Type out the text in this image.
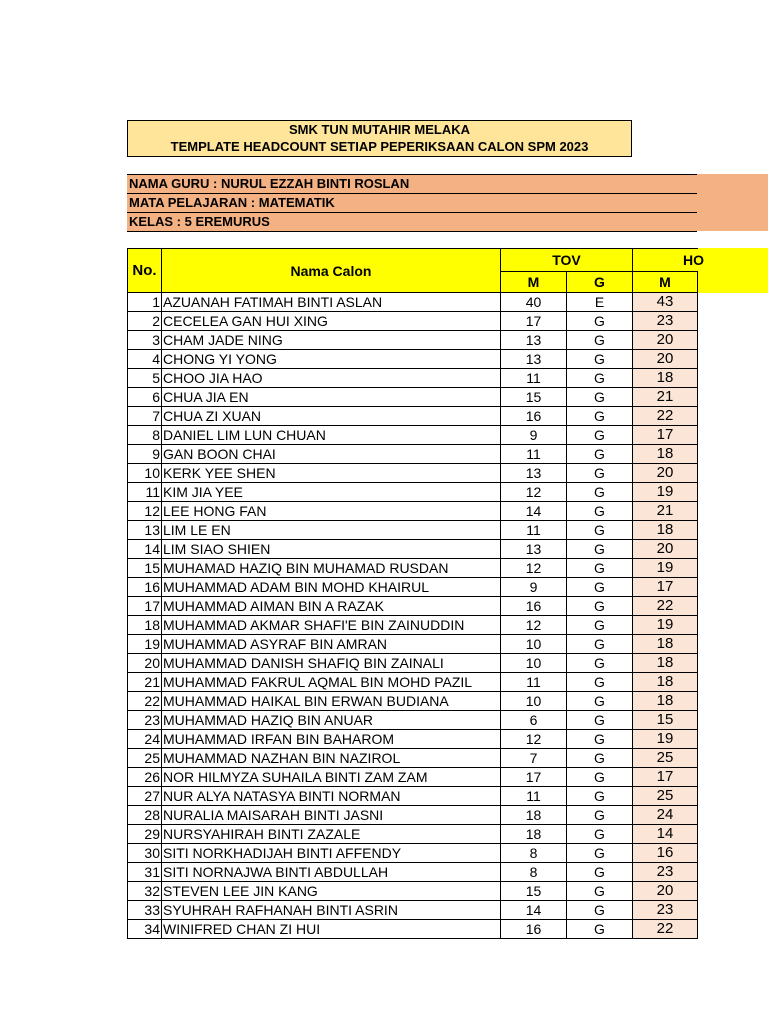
SMK TUN MUTAHIR MELAKA
TEMPLATE HEADCOUNT SETIAP PEPERIKSAAN CALON SPM 2023
NAMA GURU : NURUL EZZAH BINTI ROSLAN
MATA PELAJARAN : MATEMATIK
KELAS : 5 EREMURUS
No.	Nama Calon	TOV		HO
		M	G	M
1	AZUANAH FATIMAH BINTI ASLAN	40	E	43
2	CECELEA GAN HUI XING	17	G	23
3	CHAM JADE NING	13	G	20
4	CHONG YI YONG	13	G	20
5	CHOO JIA HAO	11	G	18
6	CHUA JIA EN	15	G	21
7	CHUA ZI XUAN	16	G	22
8	DANIEL LIM LUN CHUAN	9	G	17
9	GAN BOON CHAI	11	G	18
10	KERK YEE SHEN	13	G	20
11	KIM JIA YEE	12	G	19
12	LEE HONG FAN	14	G	21
13	LIM LE EN	11	G	18
14	LIM SIAO SHIEN	13	G	20
15	MUHAMAD HAZIQ BIN MUHAMAD RUSDAN	12	G	19
16	MUHAMMAD ADAM BIN MOHD KHAIRUL	9	G	17
17	MUHAMMAD AIMAN BIN A RAZAK	16	G	22
18	MUHAMMAD AKMAR SHAFI'E BIN ZAINUDDIN	12	G	19
19	MUHAMMAD ASYRAF BIN AMRAN	10	G	18
20	MUHAMMAD DANISH SHAFIQ BIN ZAINALI	10	G	18
21	MUHAMMAD FAKRUL AQMAL BIN MOHD PAZIL	11	G	18
22	MUHAMMAD HAIKAL BIN ERWAN BUDIANA	10	G	18
23	MUHAMMAD HAZIQ BIN ANUAR	6	G	15
24	MUHAMMAD IRFAN BIN BAHAROM	12	G	19
25	MUHAMMAD NAZHAN BIN NAZIROL	7	G	25
26	NOR HILMYZA SUHAILA BINTI ZAM ZAM	17	G	17
27	NUR ALYA NATASYA BINTI NORMAN	11	G	25
28	NURALIA MAISARAH BINTI JASNI	18	G	24
29	NURSYAHIRAH BINTI ZAZALE	18	G	14
30	SITI NORKHADIJAH BINTI AFFENDY	8	G	16
31	SITI NORNAJWA BINTI ABDULLAH	8	G	23
32	STEVEN LEE JIN KANG	15	G	20
33	SYUHRAH RAFHANAH BINTI ASRIN	14	G	23
34	WINIFRED CHAN ZI HUI	16	G	22
